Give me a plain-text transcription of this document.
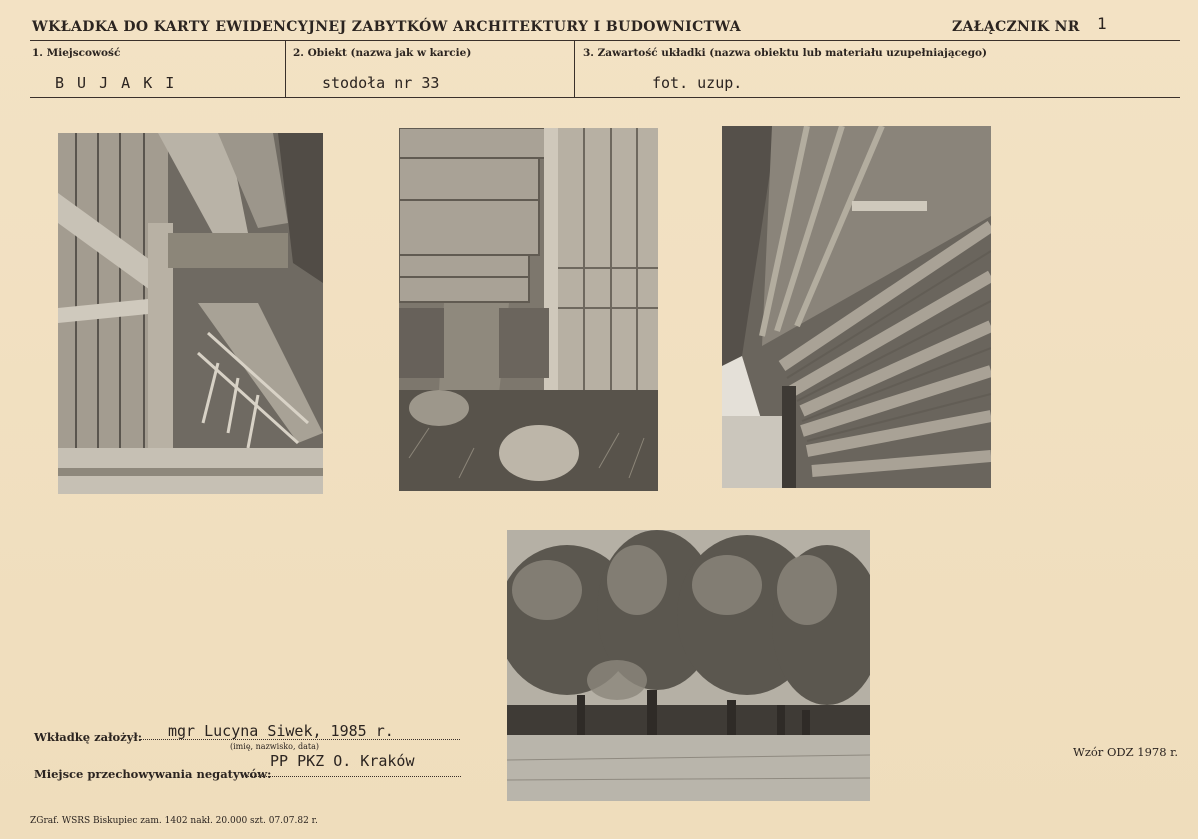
WKŁADKA DO KARTY EWIDENCYJNEJ ZABYTKÓW ARCHITEKTURY I BUDOWNICTWA	ZAŁĄCZNIK NR 1
1. Miejscowość
B U J A K I
2. Obiekt (nazwa jak w karcie)
stodoła nr 33
3. Zawartość układki (nazwa obiektu lub materiału uzupełniającego)
fot. uzup.
Wkładkę założył: mgr Lucyna Siwek, 1985 r.
(imię, nazwisko, data)
Miejsce przechowywania negatywów:
PP PKZ O. Kraków	Wzór ODZ 1978 r.
ZGraf. WSRS Biskupiec zam. 1402 nakł. 20.000 szt. 07.07.82 r.
